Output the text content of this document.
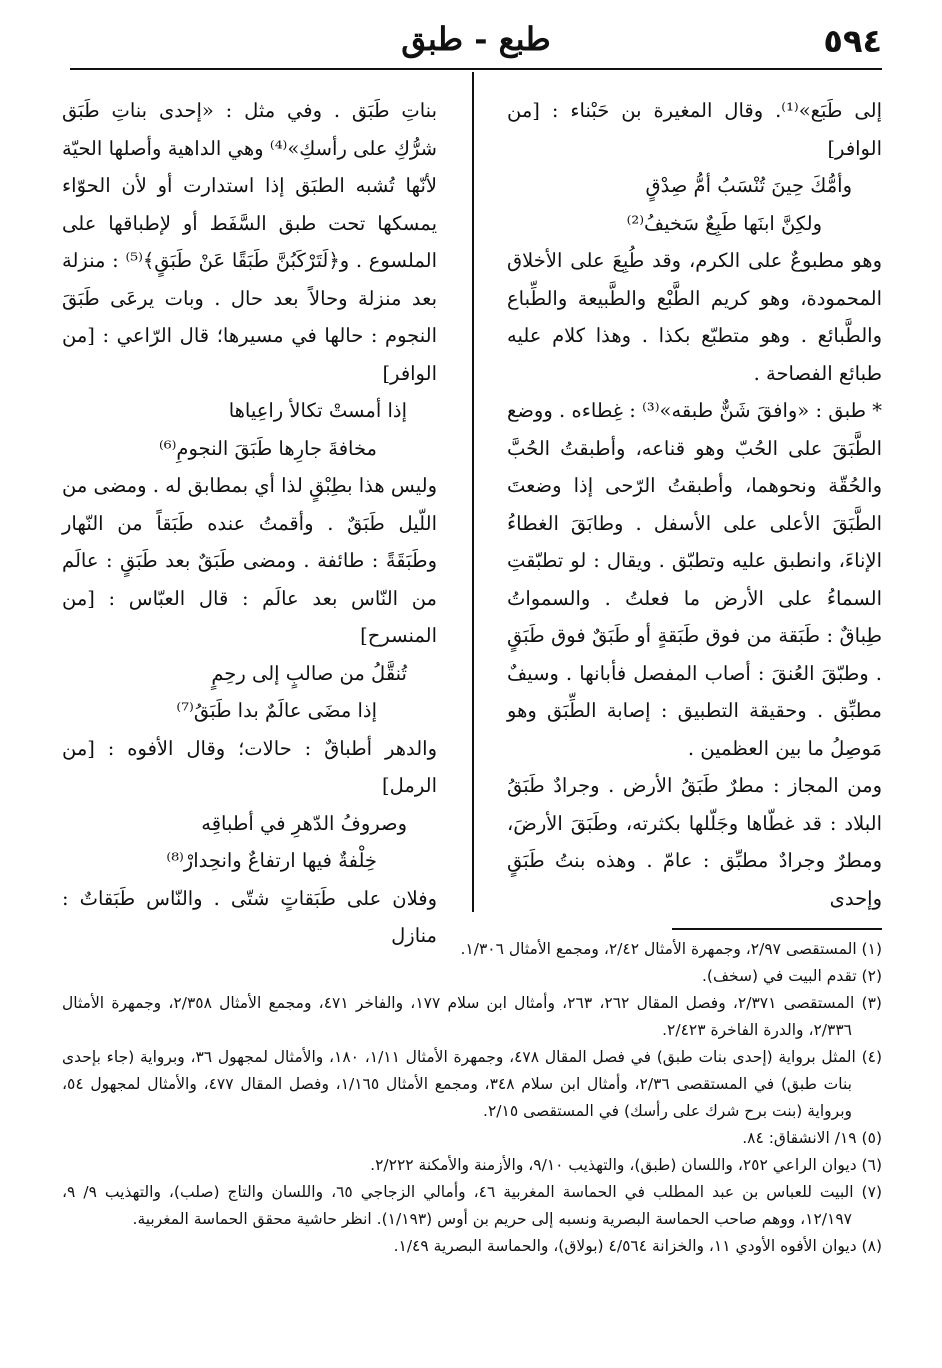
٥٩٤
طبع - طبق

إلى طَبَع»⁽¹⁾. وقال المغيرة بن حَبْناء : [من الوافر]

وأمُّكَ حِينَ تُنْسَبُ أمُّ صِدْقٍ
ولكِنَّ ابنَها طَبِعٌ سَخيفُ⁽²⁾

وهو مطبوعٌ على الكرم، وقد طُبِعَ على الأخلاق المحمودة، وهو كريم الطَّبْع والطَّبيعة والطِّباع والطَّبائع . وهو متطبّع بكذا . وهذا كلام عليه طبائع الفصاحة .

* طبق : «وافقَ شَنٌّ طبقه»⁽³⁾ : غِطاءه . ووضع الطَّبَقَ على الحُبّ وهو قناعه، وأطبقتُ الحُبَّ والحُقّة ونحوهما، وأطبقتُ الرّحى إذا وضعتَ الطَّبَقَ الأعلى على الأسفل . وطابَقَ الغطاءُ الإناءَ، وانطبق عليه وتطبّق . ويقال : لو تطبّقتِ السماءُ على الأرض ما فعلتُ . والسمواتُ طِباقٌ : طَبَقة من فوق طَبَقةٍ أو طَبَقٌ فوق طَبَقٍ . وطبّقَ العُنقَ : أصاب المفصل فأبانها . وسيفٌ مطبِّق . وحقيقة التطبيق : إصابة الطِّبَق وهو مَوصِلُ ما بين العظمين .

ومن المجاز : مطرٌ طَبَقُ الأرض . وجرادٌ طَبَقُ البلاد : قد غطّاها وجَلّلها بكثرته، وطَبَقَ الأرضَ، ومطرٌ وجرادٌ مطبِّق : عامّ . وهذه بنتُ طَبَقٍ وإحدى

بناتِ طَبَق . وفي مثل : «إحدى بناتِ طَبَق شرُّكِ على رأسكِ»⁽⁴⁾ وهي الداهية وأصلها الحيّة لأنّها تُشبه الطبَق إذا استدارت أو لأن الحوّاء يمسكها تحت طبق السَّفَط أو لإطباقها على الملسوع . و﴿لَتَرْكَبُنَّ طَبَقًا عَنْ طَبَقٍ﴾⁽⁵⁾ : منزلة بعد منزلة وحالاً بعد حال . وبات يرعَى طَبَقَ النجوم : حالها في مسيرها؛ قال الرّاعي : [من الوافر]

إذا أمستْ تكالأ راعِياها
مخافةَ جارِها طَبَقَ النجومِ⁽⁶⁾

وليس هذا بطِبْقٍ لذا أي بمطابق له . ومضى من اللّيل طَبَقٌ . وأقمتُ عنده طَبَقاً من النّهار وطَبَقَةً : طائفة . ومضى طَبَقٌ بعد طَبَقٍ : عالَم من النّاس بعد عالَم : قال العبّاس : [من المنسرح]

تُنقَّلُ من صالبٍ إلى رحِمٍ
إذا مضَى عالَمٌ بدا طَبَقُ⁽⁷⁾

والدهر أطباقٌ : حالات؛ وقال الأفوه : [من الرمل]

وصروفُ الدّهرِ في أطباقِه
خِلْفةٌ فيها ارتفاعٌ وانحِدارْ⁽⁸⁾

وفلان على طَبَقاتٍ شتّى . والنّاس طَبَقاتٌ : منازل

(١) المستقصى ٢/٩٧، وجمهرة الأمثال ٢/٤٢، ومجمع الأمثال ١/٣٠٦.

(٢) تقدم البيت في (سخف).

(٣) المستقصى ٢/٣٧١، وفصل المقال ٢٦٢، ٢٦٣، وأمثال ابن سلام ١٧٧، والفاخر ٤٧١، ومجمع الأمثال ٢/٣٥٨، وجمهرة الأمثال ٢/٣٣٦، والدرة الفاخرة ٢/٤٢٣.

(٤) المثل برواية (إحدى بنات طبق) في فصل المقال ٤٧٨، وجمهرة الأمثال ١/١١، ١٨٠، والأمثال لمجهول ٣٦، وبرواية (جاء بإحدى بنات طبق) في المستقصى ٢/٣٦، وأمثال ابن سلام ٣٤٨، ومجمع الأمثال ١/١٦٥، وفصل المقال ٤٧٧، والأمثال لمجهول ٥٤، وبرواية (بنت برح شرك على رأسك) في المستقصى ٢/١٥.

(٥) ١٩/ الانشقاق: ٨٤.

(٦) ديوان الراعي ٢٥٢، واللسان (طبق)، والتهذيب ٩/١٠، والأزمنة والأمكنة ٢/٢٢٢.

(٧) البيت للعباس بن عبد المطلب في الحماسة المغربية ٤٦، وأمالي الزجاجي ٦٥، واللسان والتاج (صلب)، والتهذيب ٩/ ٩، ١٢/١٩٧، ووهم صاحب الحماسة البصرية ونسبه إلى حريم بن أوس (١/١٩٣). انظر حاشية محقق الحماسة المغربية.

(٨) ديوان الأفوه الأودي ١١، والخزانة ٤/٥٦٤ (بولاق)، والحماسة البصرية ١/٤٩.
